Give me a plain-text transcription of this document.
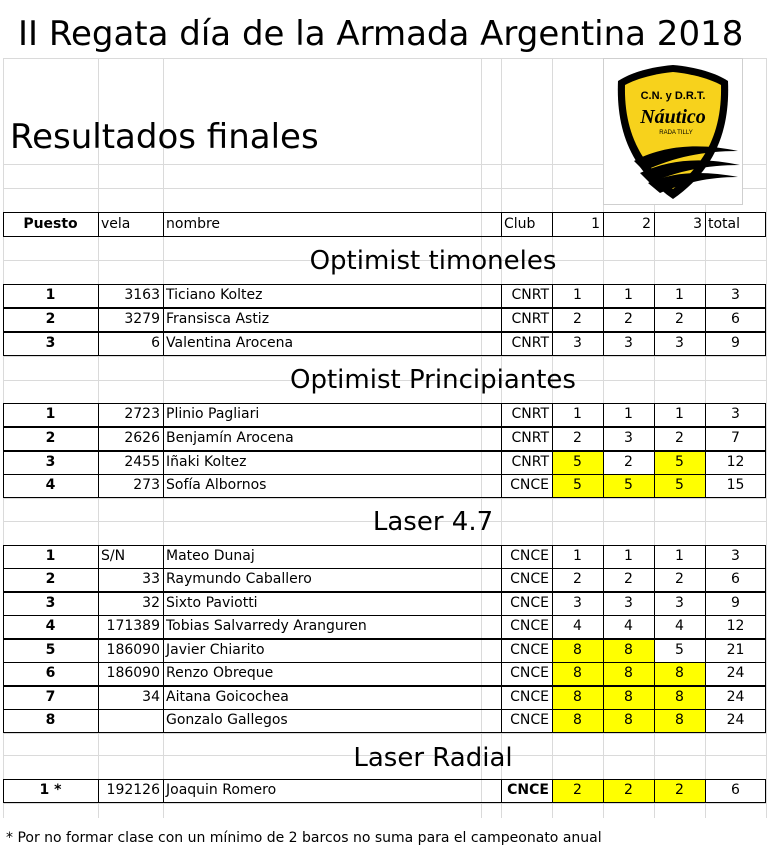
II Regata día de la Armada Argentina 2018
Resultados finales
C.N. y D.R.T.
Náutico
RADA TILLY
Puesto	vela	nombre	Club	1	2	3 total
Optimist timoneles
1	3163 Ticiano Koltez	CNRT	1	1	1	3
2	3279 Fransisca Astiz	CNRT	2	2	2	6
3	6 Valentina Arocena	CNRT	3	3	3	9
Optimist Principiantes
1	2723 Plinio Pagliari	CNRT	1	1	1	3
2	2626 Benjamín Arocena	CNRT	2	3	2	7
3	2455 Iñaki Koltez	CNRT	5	2	5	12
4	273 Sofía Albornos	CNCE	5	5	5	15
Laser 4.7
1	S/N	Mateo Dunaj	CNCE	1	1	1	3
2	33 Raymundo Caballero	CNCE	2	2	2	6
3	32 Sixto Paviotti	CNCE	3	3	3	9
4	171389 Tobias Salvarredy Aranguren	CNCE	4	4	4	12
5	186090 Javier Chiarito	CNCE	8	8	5	21
6	186090 Renzo Obreque	CNCE	8	8	8	24
7	34 Aitana Goicochea	CNCE	8	8	8	24
8	Gonzalo Gallegos	CNCE	8	8	8	24
Laser Radial
1 *	192126 Joaquin Romero	CNCE	2	2	2	6
* Por no formar clase con un mínimo de 2 barcos no suma para el campeonato anual
